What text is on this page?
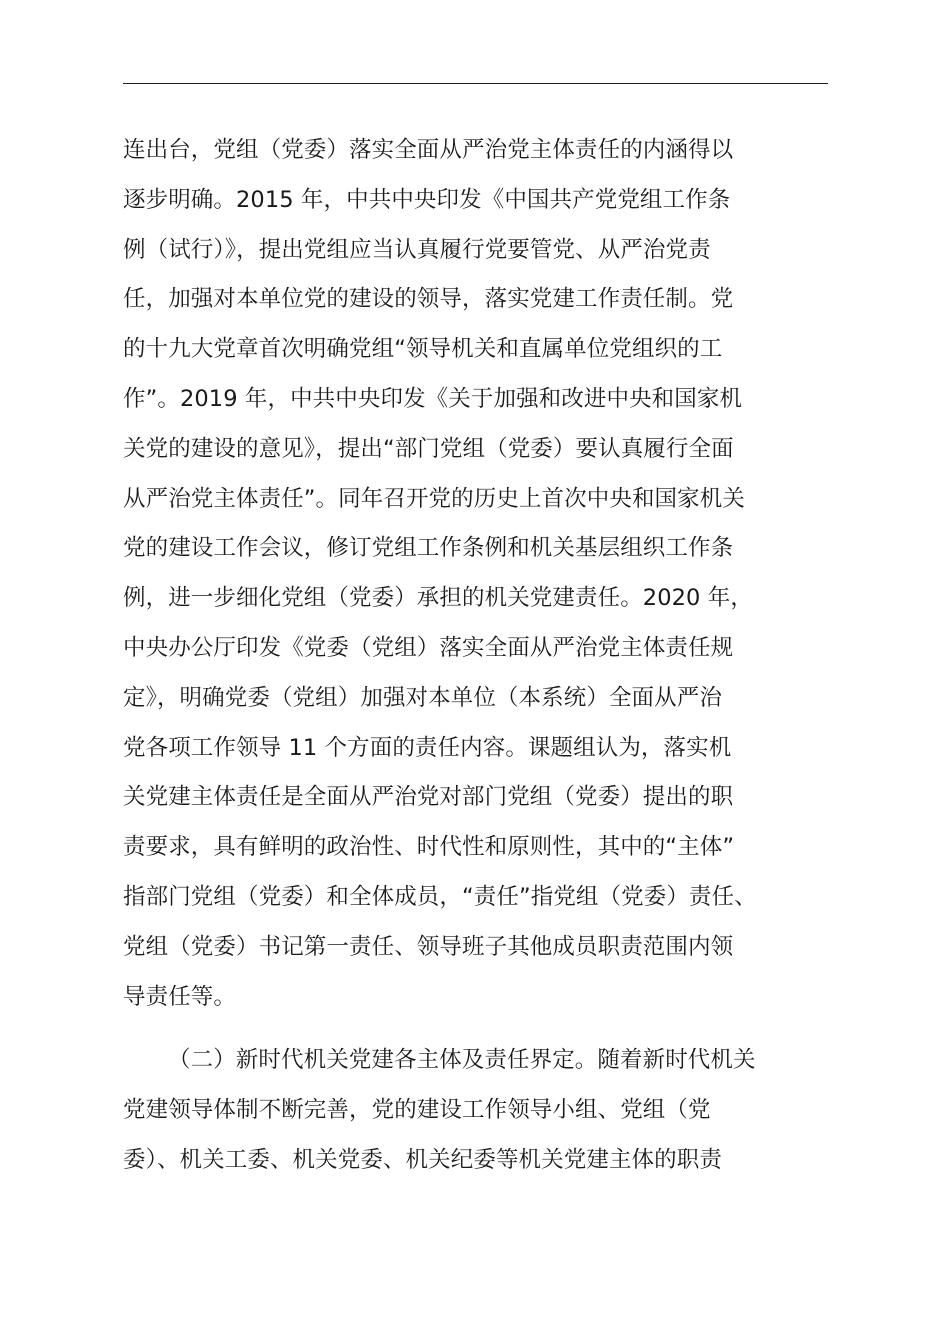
连出台，党组（党委）落实全面从严治党主体责任的内涵得以
逐步明确。2015 年，中共中央印发《中国共产党党组工作条
例（试行）》，提出党组应当认真履行党要管党、从严治党责
任，加强对本单位党的建设的领导，落实党建工作责任制。党
的十九大党章首次明确党组“领导机关和直属单位党组织的工
作”。2019 年，中共中央印发《关于加强和改进中央和国家机
关党的建设的意见》，提出“部门党组（党委）要认真履行全面
从严治党主体责任”。同年召开党的历史上首次中央和国家机关
党的建设工作会议，修订党组工作条例和机关基层组织工作条
例，进一步细化党组（党委）承担的机关党建责任。2020 年，
中央办公厅印发《党委（党组）落实全面从严治党主体责任规
定》，明确党委（党组）加强对本单位（本系统）全面从严治
党各项工作领导 11 个方面的责任内容。课题组认为，落实机
关党建主体责任是全面从严治党对部门党组（党委）提出的职
责要求，具有鲜明的政治性、时代性和原则性，其中的“主体”
指部门党组（党委）和全体成员，“责任”指党组（党委）责任、
党组（党委）书记第一责任、领导班子其他成员职责范围内领
导责任等。
（二）新时代机关党建各主体及责任界定。随着新时代机关
党建领导体制不断完善，党的建设工作领导小组、党组（党
委）、机关工委、机关党委、机关纪委等机关党建主体的职责
